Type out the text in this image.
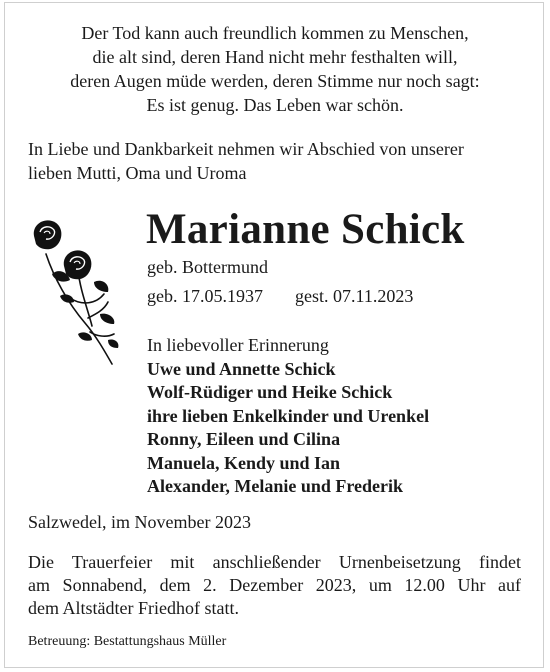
Der Tod kann auch freundlich kommen zu Menschen,
die alt sind, deren Hand nicht mehr festhalten will,
deren Augen müde werden, deren Stimme nur noch sagt:
Es ist genug. Das Leben war schön.
In Liebe und Dankbarkeit nehmen wir Abschied von unserer
lieben Mutti, Oma und Uroma
Marianne Schick
geb. Bottermund
geb. 17.05.1937 gest. 07.11.2023
In liebevoller Erinnerung
Uwe und Annette Schick
Wolf-Rüdiger und Heike Schick
ihre lieben Enkelkinder und Urenkel
Ronny, Eileen und Cilina
Manuela, Kendy und Ian
Alexander, Melanie und Frederik
Salzwedel, im November 2023
Die Trauerfeier mit anschließender Urnenbeisetzung findet
am Sonnabend, dem 2. Dezember 2023, um 12.00 Uhr auf
dem Altstädter Friedhof statt.
Betreuung: Bestattungshaus Müller
